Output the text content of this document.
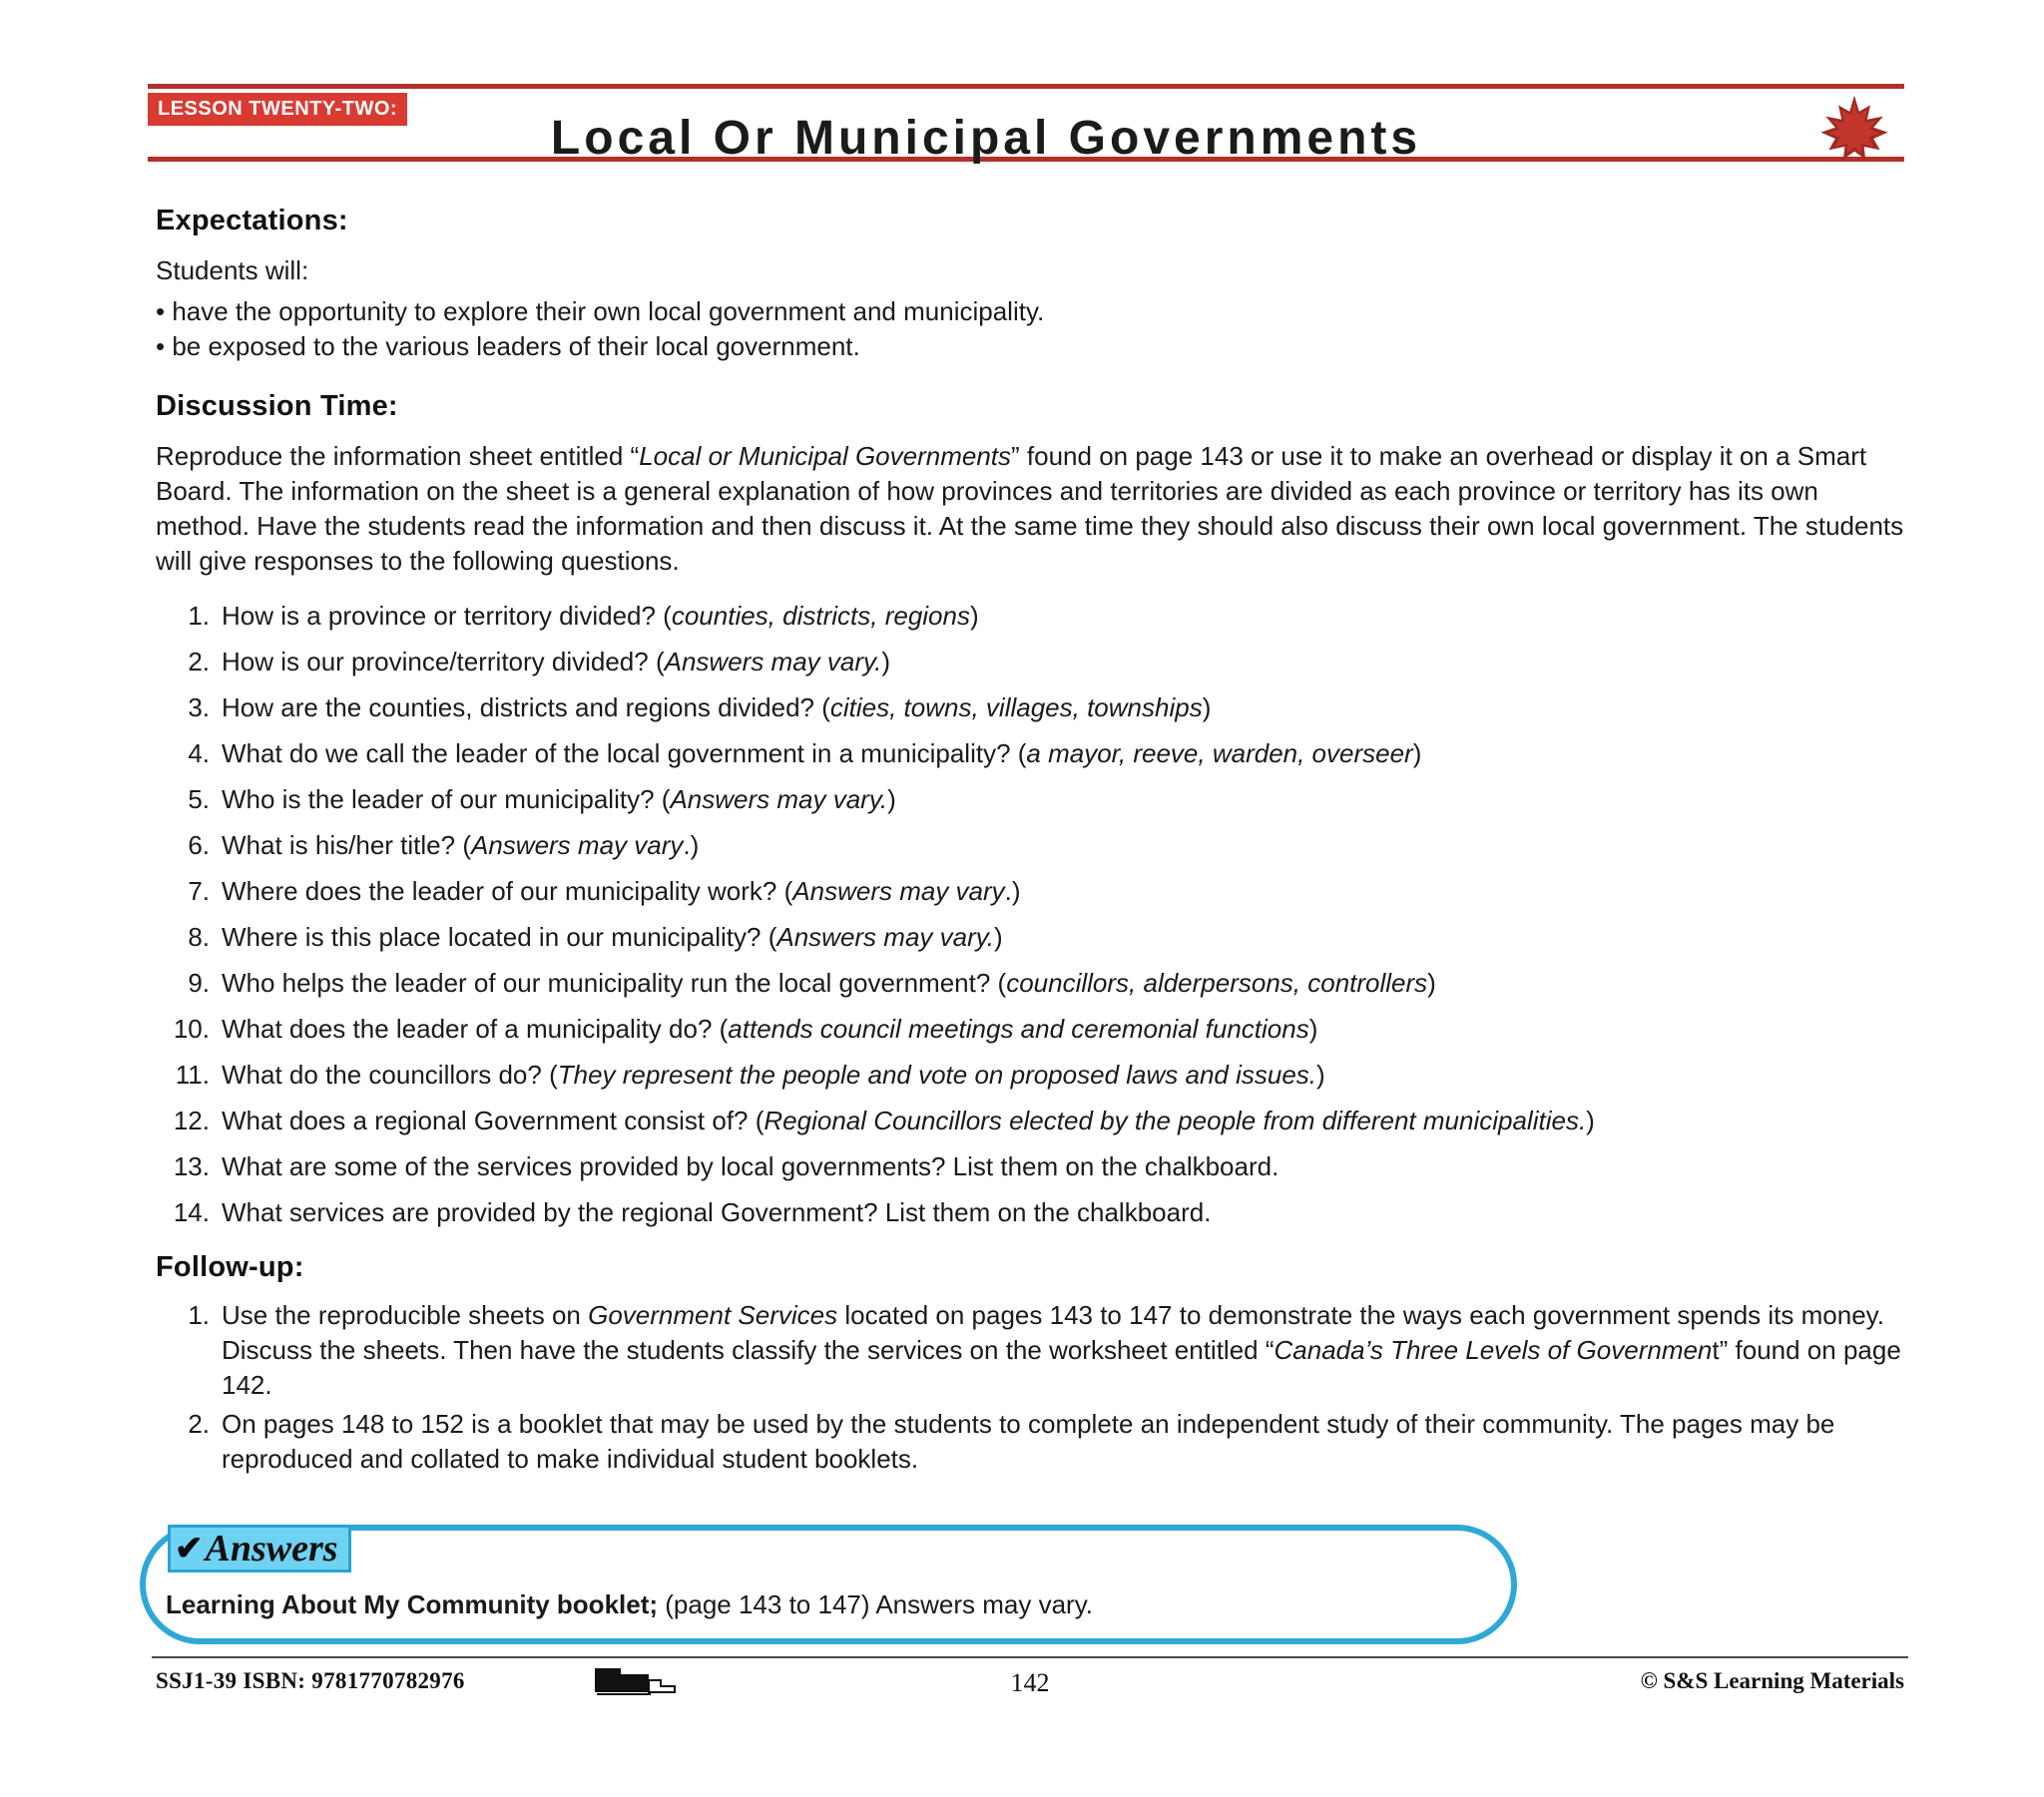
LESSON TWENTY-TWO:
Local Or Municipal Governments
Expectations:

Students will:

• have the opportunity to explore their own local government and municipality.
• be exposed to the various leaders of their local government.
Discussion Time:

Reproduce the information sheet entitled “Local or Municipal Governments” found on page 143 or use it to make an overhead or display it on a Smart Board. The information on the sheet is a general explanation of how provinces and territories are divided as each province or territory has its own method. Have the students read the information and then discuss it. At the same time they should also discuss their own local government. The students will give responses to the following questions.

1. How is a province or territory divided? (counties, districts, regions)
2. How is our province/territory divided? (Answers may vary.)
3. How are the counties, districts and regions divided? (cities, towns, villages, townships)
4. What do we call the leader of the local government in a municipality? (a mayor, reeve, warden, overseer)
5. Who is the leader of our municipality? (Answers may vary.)
6. What is his/her title? (Answers may vary.)
7. Where does the leader of our municipality work? (Answers may vary.)
8. Where is this place located in our municipality? (Answers may vary.)
9. Who helps the leader of our municipality run the local government? (councillors, alderpersons, controllers)
10. What does the leader of a municipality do? (attends council meetings and ceremonial functions)
11. What do the councillors do? (They represent the people and vote on proposed laws and issues.)
12. What does a regional Government consist of? (Regional Councillors elected by the people from different municipalities.)
13. What are some of the services provided by local governments? List them on the chalkboard.
14. What services are provided by the regional Government? List them on the chalkboard.
Follow-up:
1. Use the reproducible sheets on Government Services located on pages 143 to 147 to demonstrate the ways each government spends its money. Discuss the sheets. Then have the students classify the services on the worksheet entitled “Canada’s Three Levels of Government” found on page 142.
2. On pages 148 to 152 is a booklet that may be used by the students to complete an independent study of their community. The pages may be reproduced and collated to make individual student booklets.
✔ Answers
Learning About My Community booklet; (page 143 to 147) Answers may vary.
SSJ1-39 ISBN: 9781770782976	142	© S&S Learning Materials
